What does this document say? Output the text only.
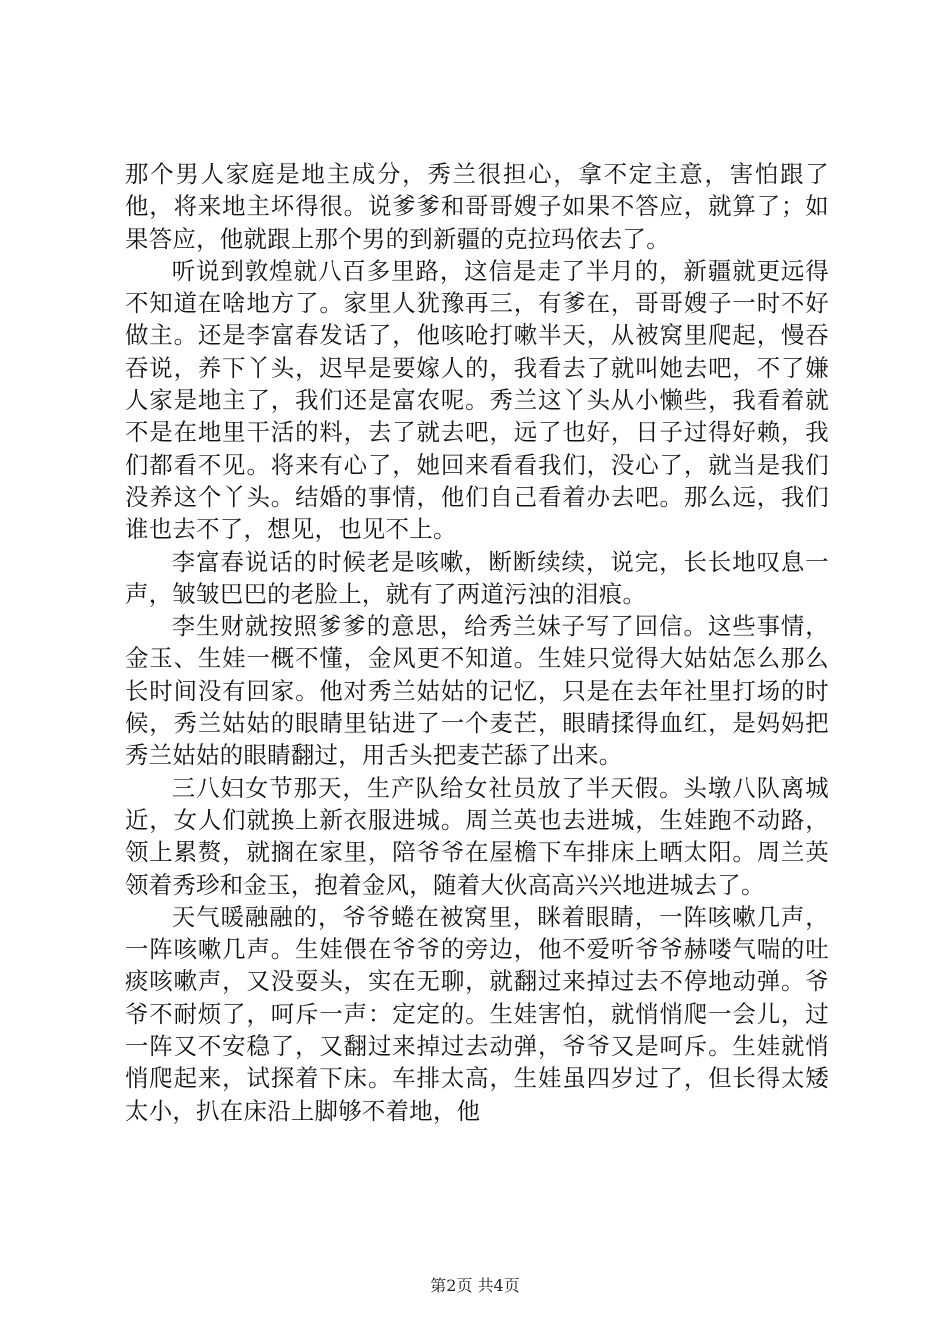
那个男人家庭是地主成分，秀兰很担心，拿不定主意，害怕跟了他，将来地主坏得很。说爹爹和哥哥嫂子如果不答应，就算了；如果答应，他就跟上那个男的到新疆的克拉玛依去了。

听说到敦煌就八百多里路，这信是走了半月的，新疆就更远得不知道在啥地方了。家里人犹豫再三，有爹在，哥哥嫂子一时不好做主。还是李富春发话了，他咳呛打嗽半天，从被窝里爬起，慢吞吞说，养下丫头，迟早是要嫁人的，我看去了就叫她去吧，不了嫌人家是地主了，我们还是富农呢。秀兰这丫头从小懒些，我看着就不是在地里干活的料，去了就去吧，远了也好，日子过得好赖，我们都看不见。将来有心了，她回来看看我们，没心了，就当是我们没养这个丫头。结婚的事情，他们自己看着办去吧。那么远，我们谁也去不了，想见，也见不上。

李富春说话的时候老是咳嗽，断断续续，说完，长长地叹息一声，皱皱巴巴的老脸上，就有了两道污浊的泪痕。

李生财就按照爹爹的意思，给秀兰妹子写了回信。这些事情，金玉、生娃一概不懂，金风更不知道。生娃只觉得大姑姑怎么那么长时间没有回家。他对秀兰姑姑的记忆，只是在去年社里打场的时候，秀兰姑姑的眼睛里钻进了一个麦芒，眼睛揉得血红，是妈妈把秀兰姑姑的眼睛翻过，用舌头把麦芒舔了出来。

三八妇女节那天，生产队给女社员放了半天假。头墩八队离城近，女人们就换上新衣服进城。周兰英也去进城，生娃跑不动路，领上累赘，就搁在家里，陪爷爷在屋檐下车排床上晒太阳。周兰英领着秀珍和金玉，抱着金风，随着大伙高高兴兴地进城去了。

天气暖融融的，爷爷蜷在被窝里，眯着眼睛，一阵咳嗽几声，一阵咳嗽几声。生娃偎在爷爷的旁边，他不爱听爷爷赫喽气喘的吐痰咳嗽声，又没耍头，实在无聊，就翻过来掉过去不停地动弹。爷爷不耐烦了，呵斥一声：定定的。生娃害怕，就悄悄爬一会儿，过一阵又不安稳了，又翻过来掉过去动弹，爷爷又是呵斥。生娃就悄悄爬起来，试探着下床。车排太高，生娃虽四岁过了，但长得太矮太小，扒在床沿上脚够不着地，他

第2页 共4页
